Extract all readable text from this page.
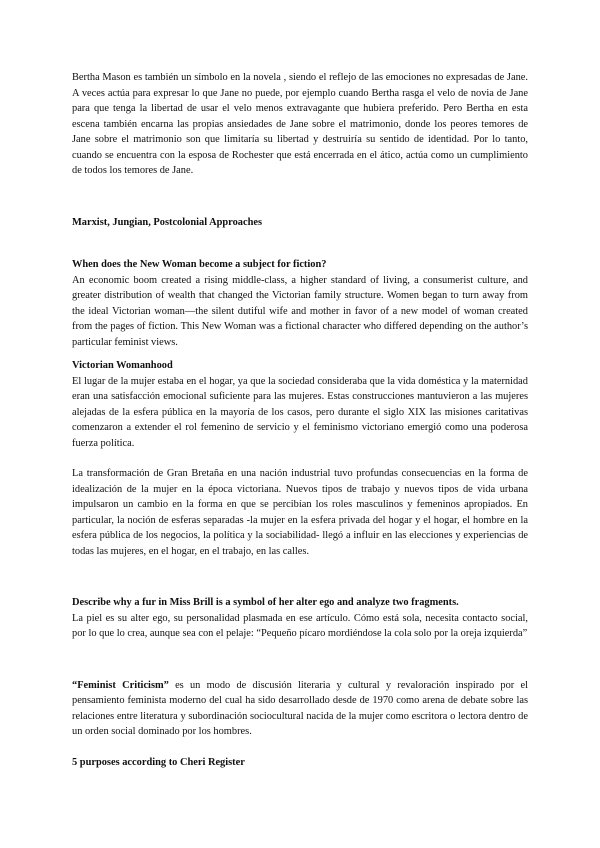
Bertha Mason es también un símbolo en la novela , siendo el reflejo de las emociones no expresadas de Jane. A veces actúa para expresar lo que Jane no puede, por ejemplo cuando Bertha rasga el velo de novia de Jane para que tenga la libertad de usar el velo menos extravagante que hubiera preferido. Pero Bertha en esta escena también encarna las propias ansiedades de Jane sobre el matrimonio, donde los peores temores de Jane sobre el matrimonio son que limitaría su libertad y destruiría su sentido de identidad. Por lo tanto, cuando se encuentra con la esposa de Rochester que está encerrada en el ático, actúa como un cumplimiento de todos los temores de Jane.

Marxist, Jungian, Postcolonial Approaches
When does the New Woman become a subject for fiction?

An economic boom created a rising middle-class, a higher standard of living, a consumerist culture, and greater distribution of wealth that changed the Victorian family structure. Women began to turn away from the ideal Victorian woman—the silent dutiful wife and mother in favor of a new model of woman created from the pages of fiction. This New Woman was a fictional character who differed depending on the author’s particular feminist views.

Victorian Womanhood

El lugar de la mujer estaba en el hogar, ya que la sociedad consideraba que la vida doméstica y la maternidad eran una satisfacción emocional suficiente para las mujeres. Estas construcciones mantuvieron a las mujeres alejadas de la esfera pública en la mayoría de los casos, pero durante el siglo XIX las misiones caritativas comenzaron a extender el rol femenino de servicio y el feminismo victoriano emergió como una poderosa fuerza política.

La transformación de Gran Bretaña en una nación industrial tuvo profundas consecuencias en la forma de idealización de la mujer en la época victoriana. Nuevos tipos de trabajo y nuevos tipos de vida urbana impulsaron un cambio en la forma en que se percibían los roles masculinos y femeninos apropiados. En particular, la noción de esferas separadas -la mujer en la esfera privada del hogar y el hogar, el hombre en la esfera pública de los negocios, la política y la sociabilidad- llegó a influir en las elecciones y experiencias de todas las mujeres, en el hogar, en el trabajo, en las calles.

Describe why a fur in Miss Brill is a symbol of her alter ego and analyze two fragments.

La piel es su alter ego, su personalidad plasmada en ese artículo. Cómo está sola, necesita contacto social, por lo que lo crea, aunque sea con el pelaje: “Pequeño pícaro mordiéndose la cola solo por la oreja izquierda”

“Feminist Criticism” es un modo de discusión literaria y cultural y revaloración inspirado por el pensamiento feminista moderno del cual ha sido desarrollado desde de 1970 como arena de debate sobre las relaciones entre literatura y subordinación sociocultural nacida de la mujer como escritora o lectora dentro de un orden social dominado por los hombres.

5 purposes according to Cheri Register
